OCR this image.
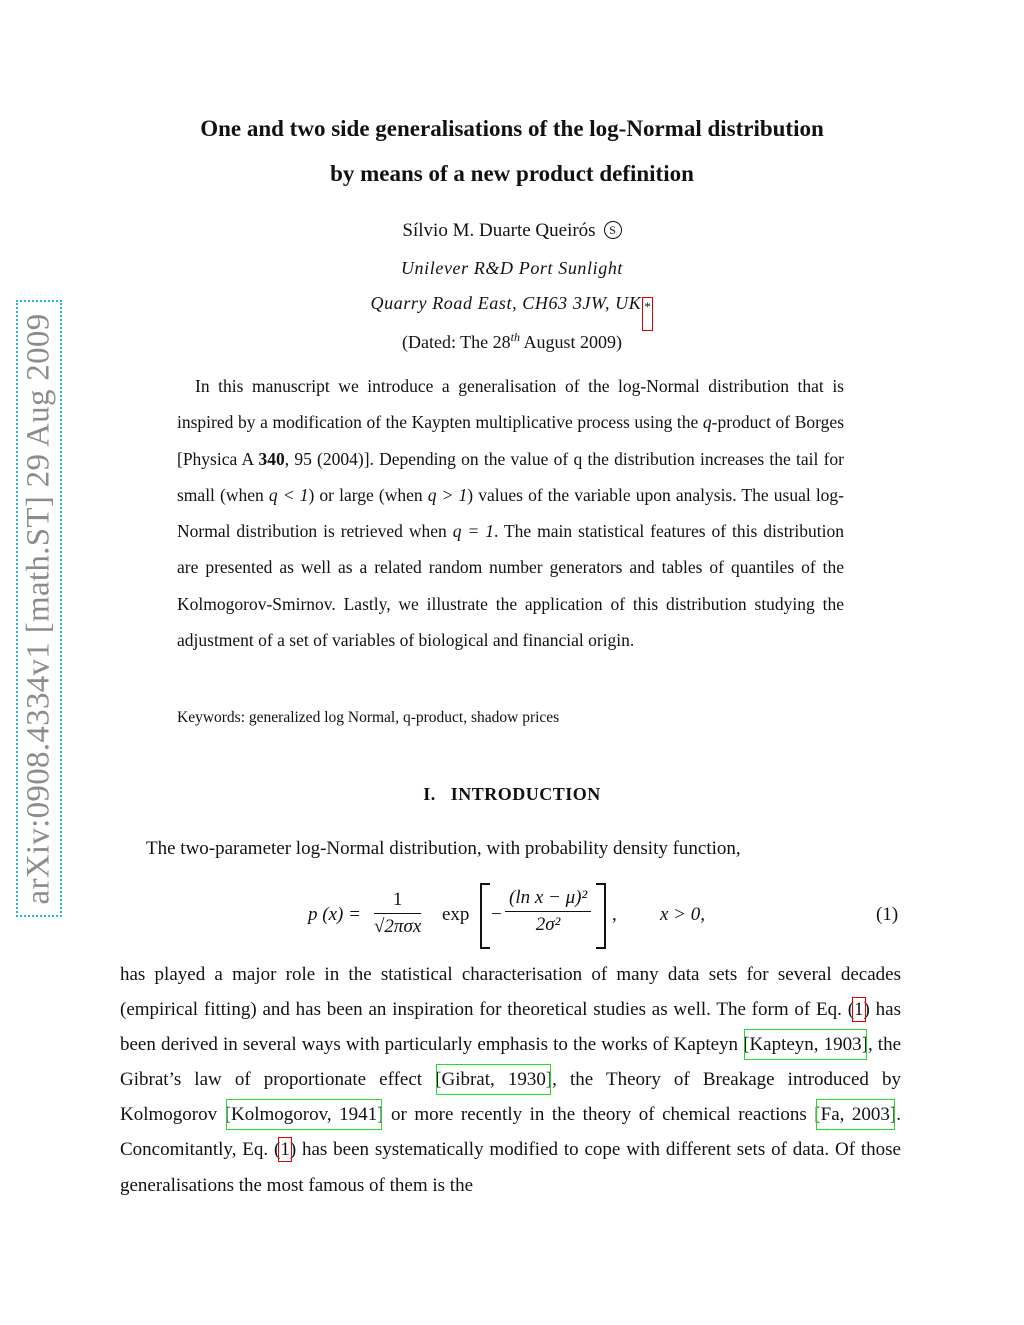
arXiv:0908.4334v1 [math.ST] 29 Aug 2009
One and two side generalisations of the log-Normal distribution
by means of a new product definition
Sílvio M. Duarte Queirós S
Unilever R&D Port Sunlight
Quarry Road East, CH63 3JW, UK *
(Dated: The 28th August 2009)

In this manuscript we introduce a generalisation of the log-Normal distribution that is inspired by a modification of the Kaypten multiplicative process using the q-product of Borges [Physica A 340, 95 (2004)]. Depending on the value of q the distribution increases the tail for small (when q < 1) or large (when q > 1) values of the variable upon analysis. The usual log-Normal distribution is retrieved when q = 1. The main statistical features of this distribution are presented as well as a related random number generators and tables of quantiles of the Kolmogorov-Smirnov. Lastly, we illustrate the application of this distribution studying the adjustment of a set of variables of biological and financial origin.

Keywords: generalized log Normal, q-product, shadow prices
I. INTRODUCTION
The two-parameter log-Normal distribution, with probability density function,
p (x) =
1
√2πσx
$\exp - \frac{\text{(ln x − μ)²}}{\text{2σ²}}$ , x > 0,	(1)

has played a major role in the statistical characterisation of many data sets for several decades (empirical fitting) and has been an inspiration for theoretical studies as well. The form of Eq. (1) has been derived in several ways with particularly emphasis to the works of Kapteyn [Kapteyn, 1903], the Gibrat’s law of proportionate effect [Gibrat, 1930], the Theory of Breakage introduced by Kolmogorov [Kolmogorov, 1941] or more recently in the theory of chemical reactions [Fa, 2003]. Concomitantly, Eq. (1) has been systematically modified to cope with different sets of data. Of those generalisations the most famous of them is the
